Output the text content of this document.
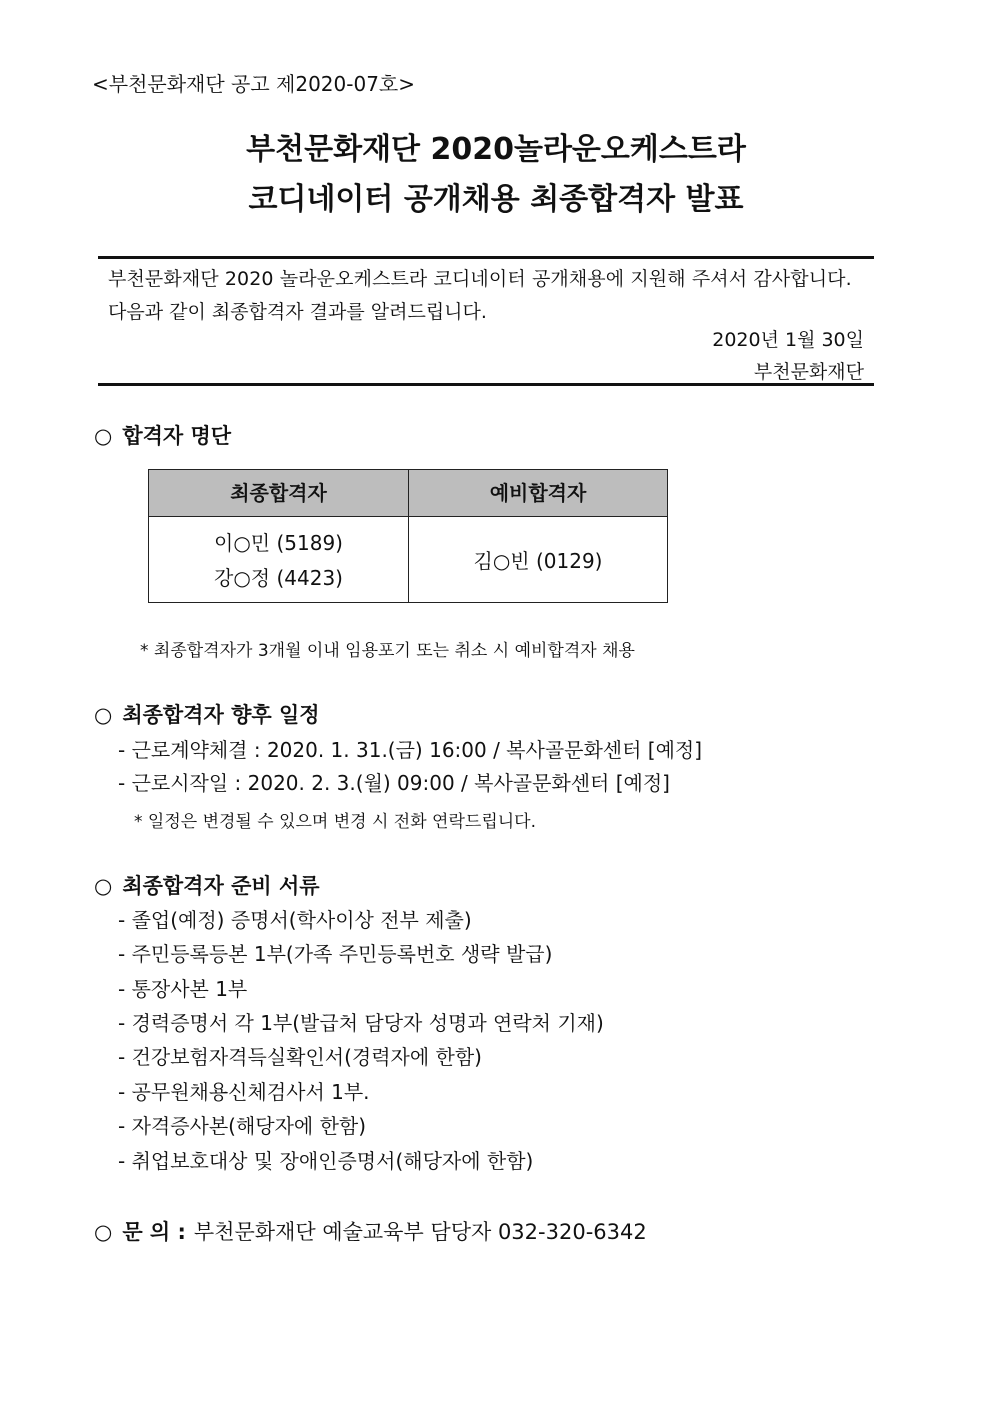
<부천문화재단 공고 제2020-07호>
부천문화재단 2020놀라운오케스트라
코디네이터 공개채용 최종합격자 발표
부천문화재단 2020 놀라운오케스트라 코디네이터 공개채용에 지원해 주셔서 감사합니다.
다음과 같이 최종합격자 결과를 알려드립니다.
2020년 1월 30일
부천문화재단
○ 합격자 명단
최종합격자	예비합격자
이○민 (5189)
강○정 (4423)
김○빈 (0129)
* 최종합격자가 3개월 이내 임용포기 또는 취소 시 예비합격자 채용
○ 최종합격자 향후 일정
- 근로계약체결 : 2020. 1. 31.(금) 16:00 / 복사골문화센터 [예정]
- 근로시작일 : 2020. 2. 3.(월) 09:00 / 복사골문화센터 [예정]
* 일정은 변경될 수 있으며 변경 시 전화 연락드립니다.
○ 최종합격자 준비 서류
- 졸업(예정) 증명서(학사이상 전부 제출)
- 주민등록등본 1부(가족 주민등록번호 생략 발급)
- 통장사본 1부
- 경력증명서 각 1부(발급처 담당자 성명과 연락처 기재)
- 건강보험자격득실확인서(경력자에 한함)
- 공무원채용신체검사서 1부.
- 자격증사본(해당자에 한함)
- 취업보호대상 및 장애인증명서(해당자에 한함)
○ 문 의 : 부천문화재단 예술교육부 담당자 032-320-6342
